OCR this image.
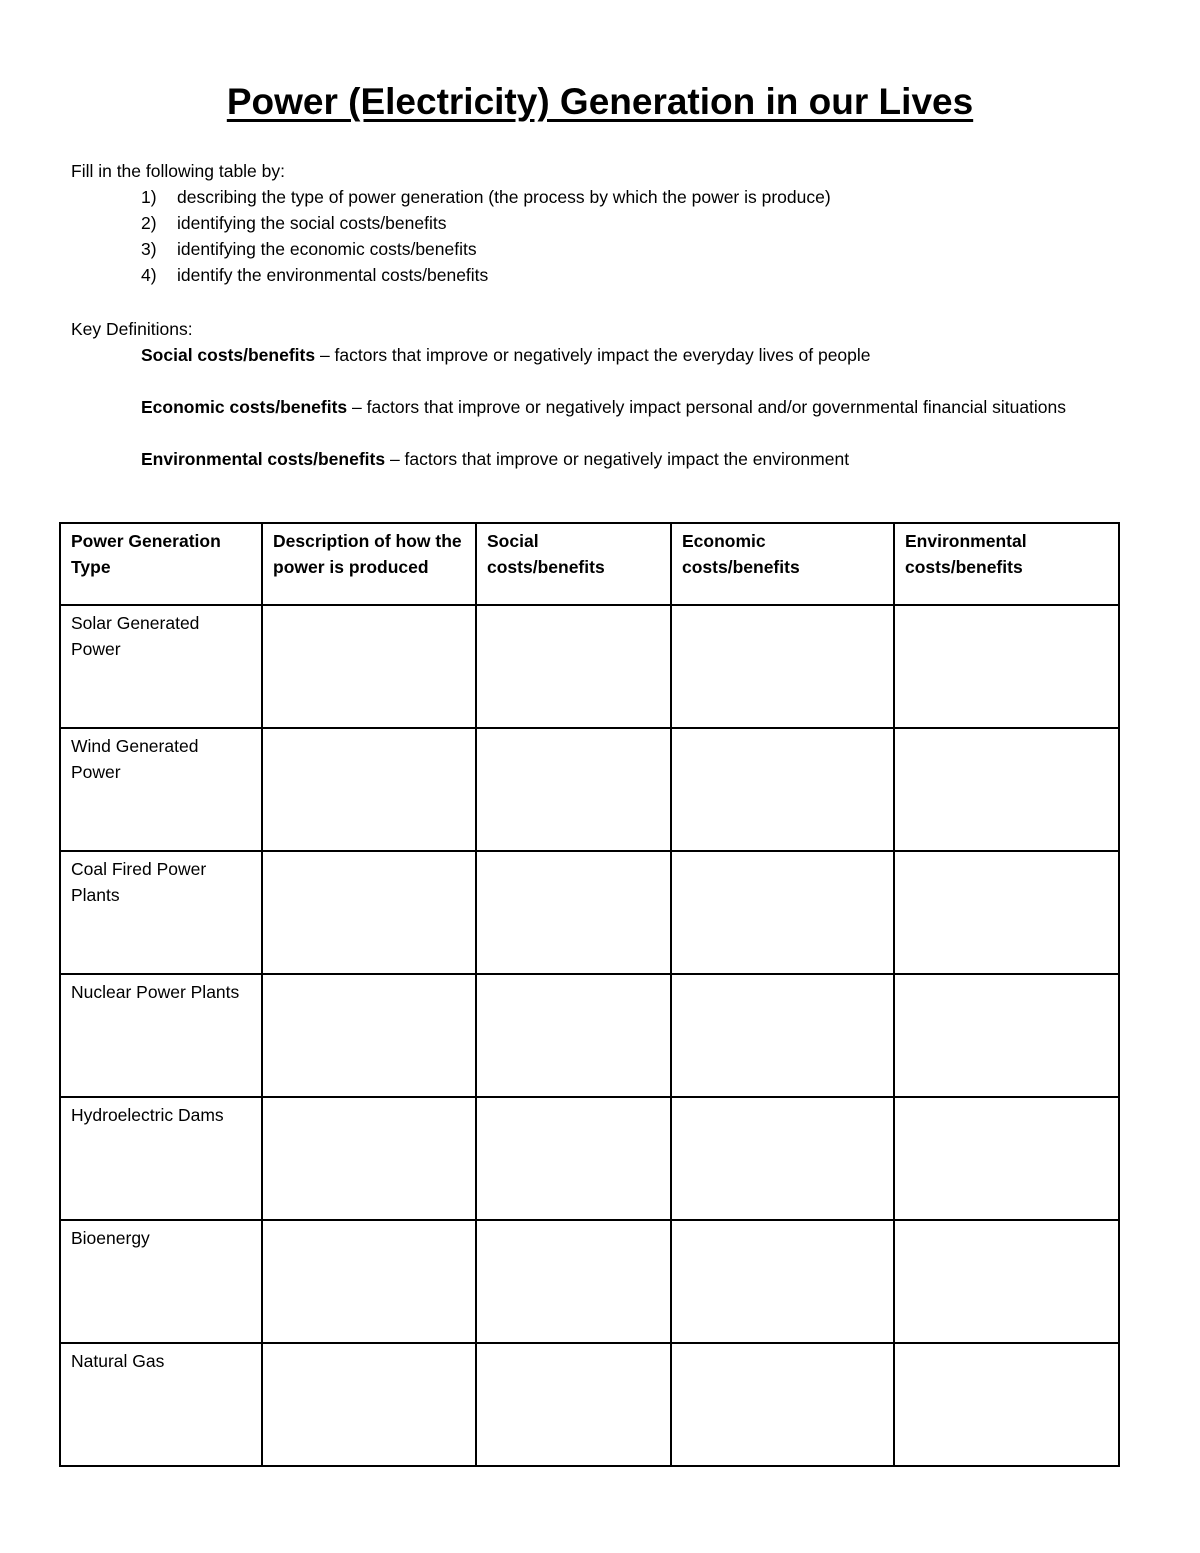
Power (Electricity) Generation in our Lives
Fill in the following table by:
1)	describing the type of power generation (the process by which the power is produce)
2)	identifying the social costs/benefits
3)	identifying the economic costs/benefits
4)	identify the environmental costs/benefits
Key Definitions:

Social costs/benefits – factors that improve or negatively impact the everyday lives of people

Economic costs/benefits – factors that improve or negatively impact personal and/or governmental financial situations

Environmental costs/benefits – factors that improve or negatively impact the environment

Power Generation Type	Description of how the power is produced	Social costs/benefits	Economic costs/benefits	Environmental costs/benefits
Solar Generated Power				
Wind Generated Power				
Coal Fired Power Plants				
Nuclear Power Plants				
Hydroelectric Dams				
Bioenergy				
Natural Gas				
